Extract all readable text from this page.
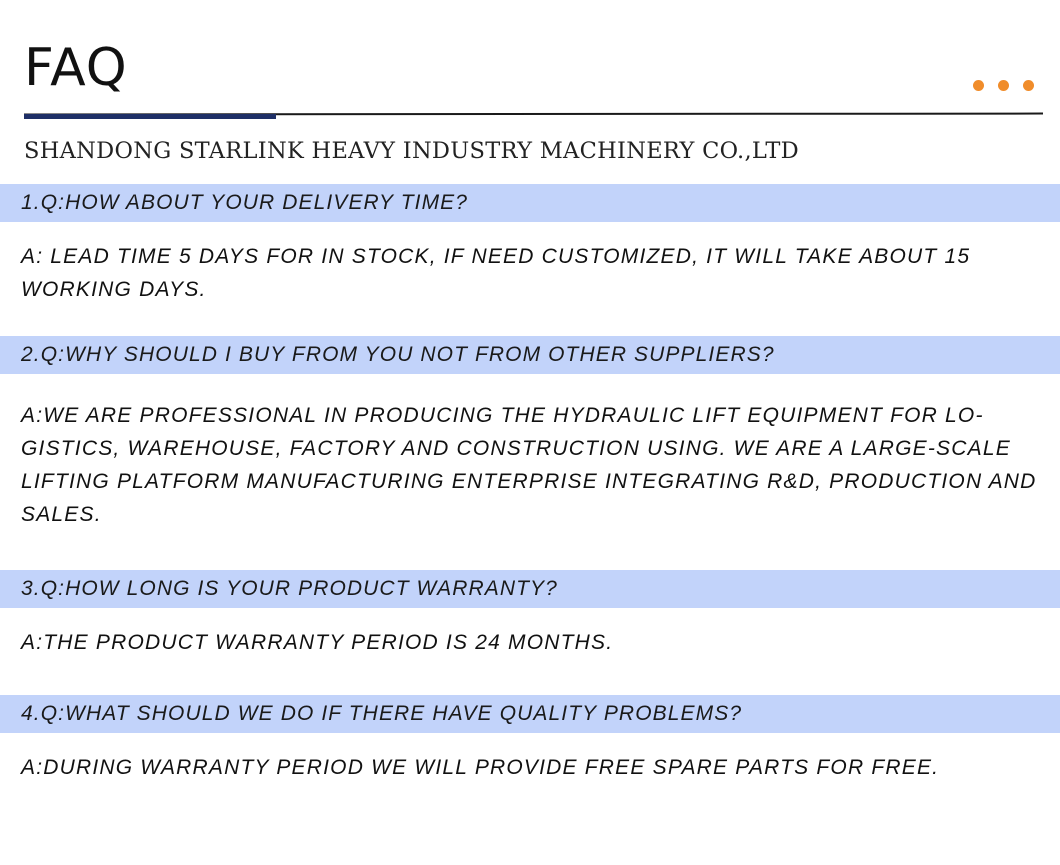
FAQ
SHANDONG STARLINK HEAVY INDUSTRY MACHINERY CO.,LTD
1.Q:HOW ABOUT YOUR DELIVERY TIME?
A: LEAD TIME 5 DAYS FOR IN STOCK, IF NEED CUSTOMIZED, IT WILL TAKE ABOUT 15 WORKING DAYS.
2.Q:WHY SHOULD I BUY FROM YOU NOT FROM OTHER SUPPLIERS?
A:WE ARE PROFESSIONAL IN PRODUCING THE HYDRAULIC LIFT EQUIPMENT FOR LO- GISTICS, WAREHOUSE, FACTORY AND CONSTRUCTION USING. WE ARE A LARGE-SCALE LIFTING PLATFORM MANUFACTURING ENTERPRISE INTEGRATING R&D, PRODUCTION AND SALES.
3.Q:HOW LONG IS YOUR PRODUCT WARRANTY?
A:THE PRODUCT WARRANTY PERIOD IS 24 MONTHS.
4.Q:WHAT SHOULD WE DO IF THERE HAVE QUALITY PROBLEMS?
A:DURING WARRANTY PERIOD WE WILL PROVIDE FREE SPARE PARTS FOR FREE.
